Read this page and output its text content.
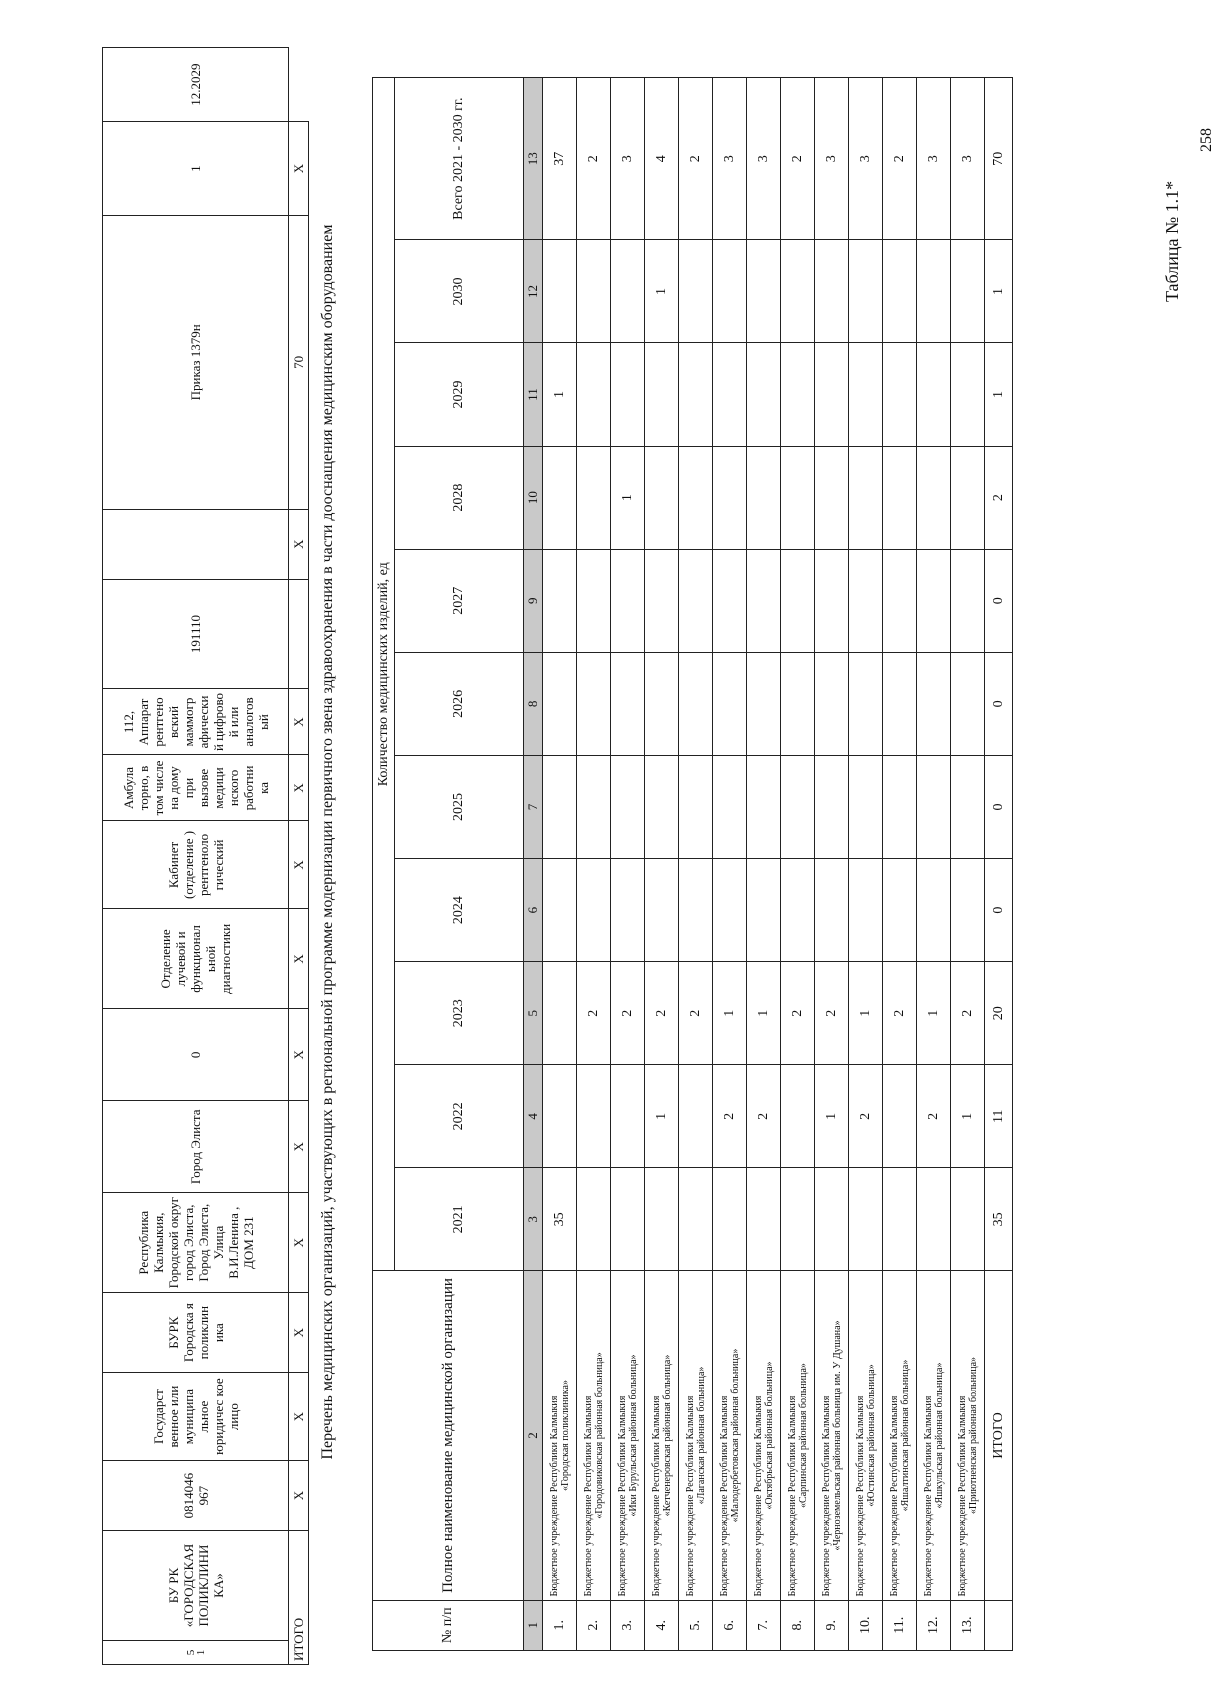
5
1	БУ РК «ГОРОДСКАЯ ПОЛИКЛИНИ КА»	0814046 967	Государст венное или муниципа льное юридичес кое лицо	БУРК Городска я поликлин ика	Республика Калмыкия, Городской округ город Элиста, Город Элиста, Улица В.И.Ленина , ДОМ 231	Город Элиста	0	Отделение лучевой и функционал ьной диагностики	Кабинет (отделение ) рентгеноло гический	Амбула торно, в том числе на дому при вызове медици нского работни ка	112, Аппарат рентгено вский маммогр афически й цифрово й или аналогов ый	191110		Приказ 1379н	1	12.2029
ИТОГО		Х	Х	Х	Х	Х	Х	Х	Х	Х	Х		Х	70	Х	

Перечень медицинских организаций, участвующих в региональной программе модернизации первичного звена здравоохранения в части дооснащения медицинским оборудованием

№ п/п	Полное наименование медицинской организации	Количество медицинских изделий, ед										
		2021	2022	2023	2024	2025	2026	2027	2028	2029	2030	Всего 2021 - 2030 гг.
1	2	3	4	5	6	7	8	9	10	11	12	13
1.	Бюджетное учреждение Республики Калмыкия «Городская поликлиника»	35								1		37
2.	Бюджетное учреждение Республики Калмыкия «Городовиковская районная больница»			2								2
3.	Бюджетное учреждение Республики Калмыкия «Ики Бурульская районная больница»			2					1			3
4.	Бюджетное учреждение Республики Калмыкия «Кетченеровская районная больница»		1	2							1	4
5.	Бюджетное учреждение Республики Калмыкия «Лаганская районная больница»			2								2
6.	Бюджетное учреждение Республики Калмыкия «Малодербетовская районная больница»		2	1								3
7.	Бюджетное учреждение Республики Калмыкия «Октябрьская районная больница»		2	1								3
8.	Бюджетное учреждение Республики Калмыкия «Сарпинская районная больница»			2								2
9.	Бюджетное учреждение Республики Калмыкия «Черноземельская районная больница им. У Душана»		1	2								3
10.	Бюджетное учреждение Республики Калмыкия «Юстинская районная больница»		2	1								3
11.	Бюджетное учреждение Республики Калмыкия «Яшалтинская районная больница»			2								2
12.	Бюджетное учреждение Республики Калмыкия «Яшкульская районная больница»		2	1								3
13.	Бюджетное учреждение Республики Калмыкия «Приютненская районная больница»		1	2								3
	ИТОГО	35	11	20	0	0	0	0	2	1	1	70

Таблица № 1.1*

258
